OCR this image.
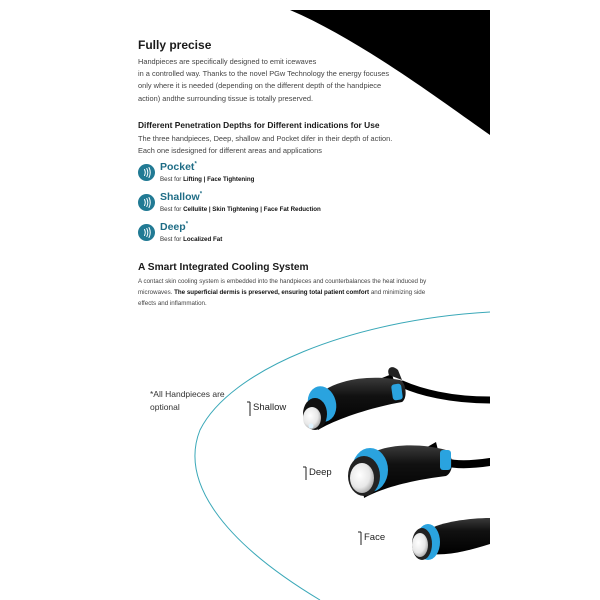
Fully precise
Handpieces are specifically designed to emit icewaves
in a controlled way. Thanks to the novel PGw Technology the energy focuses
only where it is needed (depending on the different depth of the handpiece
action) andthe surrounding tissue is totally preserved.
Different Penetration Depths for Different indications for Use
The three handpieces, Deep, shallow and Pocket difer in their depth of action.
Each one isdesigned for different areas and applications
Pocket*
Best for Lifting | Face Tightening
Shallow*
Best for Cellulite | Skin Tightening | Face Fat Reduction
Deep*
Best for Localized Fat
A Smart Integrated Cooling System
A contact skin cooling system is embedded into the handpieces and counterbalances the heat induced by microwaves. The superficial dermis is preserved, ensuring total patient comfort and minimizing side effects and inflammation.
*All Handpieces are optional	Shallow
Deep
Face
